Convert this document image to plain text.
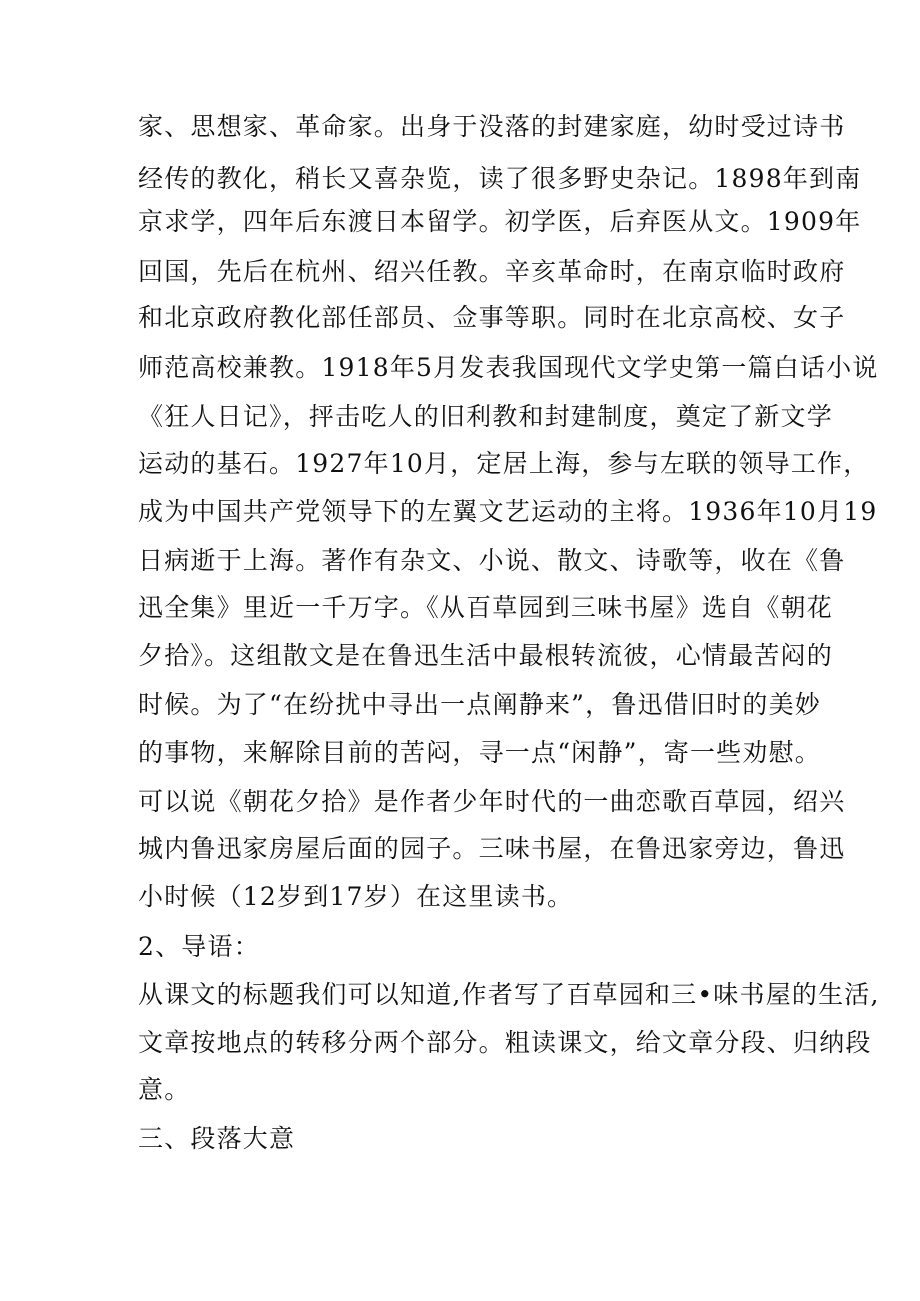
家、思想家、革命家。出身于没落的封建家庭，幼时受过诗书
经传的教化，稍长又喜杂览，读了很多野史杂记。1898年到南
京求学，四年后东渡日本留学。初学医，后弃医从文。1909年
回国，先后在杭州、绍兴任教。辛亥革命时，在南京临时政府
和北京政府教化部任部员、佥事等职。同时在北京高校、女子
师范高校兼教。1918年5月发表我国现代文学史第一篇白话小说
《狂人日记》，抨击吃人的旧利教和封建制度，奠定了新文学
运动的基石。1927年10月，定居上海，参与左联的领导工作，
成为中国共产党领导下的左翼文艺运动的主将。1936年10月19
日病逝于上海。著作有杂文、小说、散文、诗歌等，收在《鲁
迅全集》里近一千万字。《从百草园到三味书屋》选自《朝花
夕拾》。这组散文是在鲁迅生活中最根转流彼，心情最苦闷的
时候。为了“在纷扰中寻出一点阐静来”，鲁迅借旧时的美妙
的事物，来解除目前的苦闷，寻一点“闲静”，寄一些劝慰。
可以说《朝花夕拾》是作者少年时代的一曲恋歌百草园，绍兴
城内鲁迅家房屋后面的园子。三味书屋，在鲁迅家旁边，鲁迅
小时候（12岁到17岁）在这里读书。
2、导语：
从课文的标题我们可以知道,作者写了百草园和三•味书屋的生活,
文章按地点的转移分两个部分。粗读课文，给文章分段、归纳段
意。
三、段落大意
